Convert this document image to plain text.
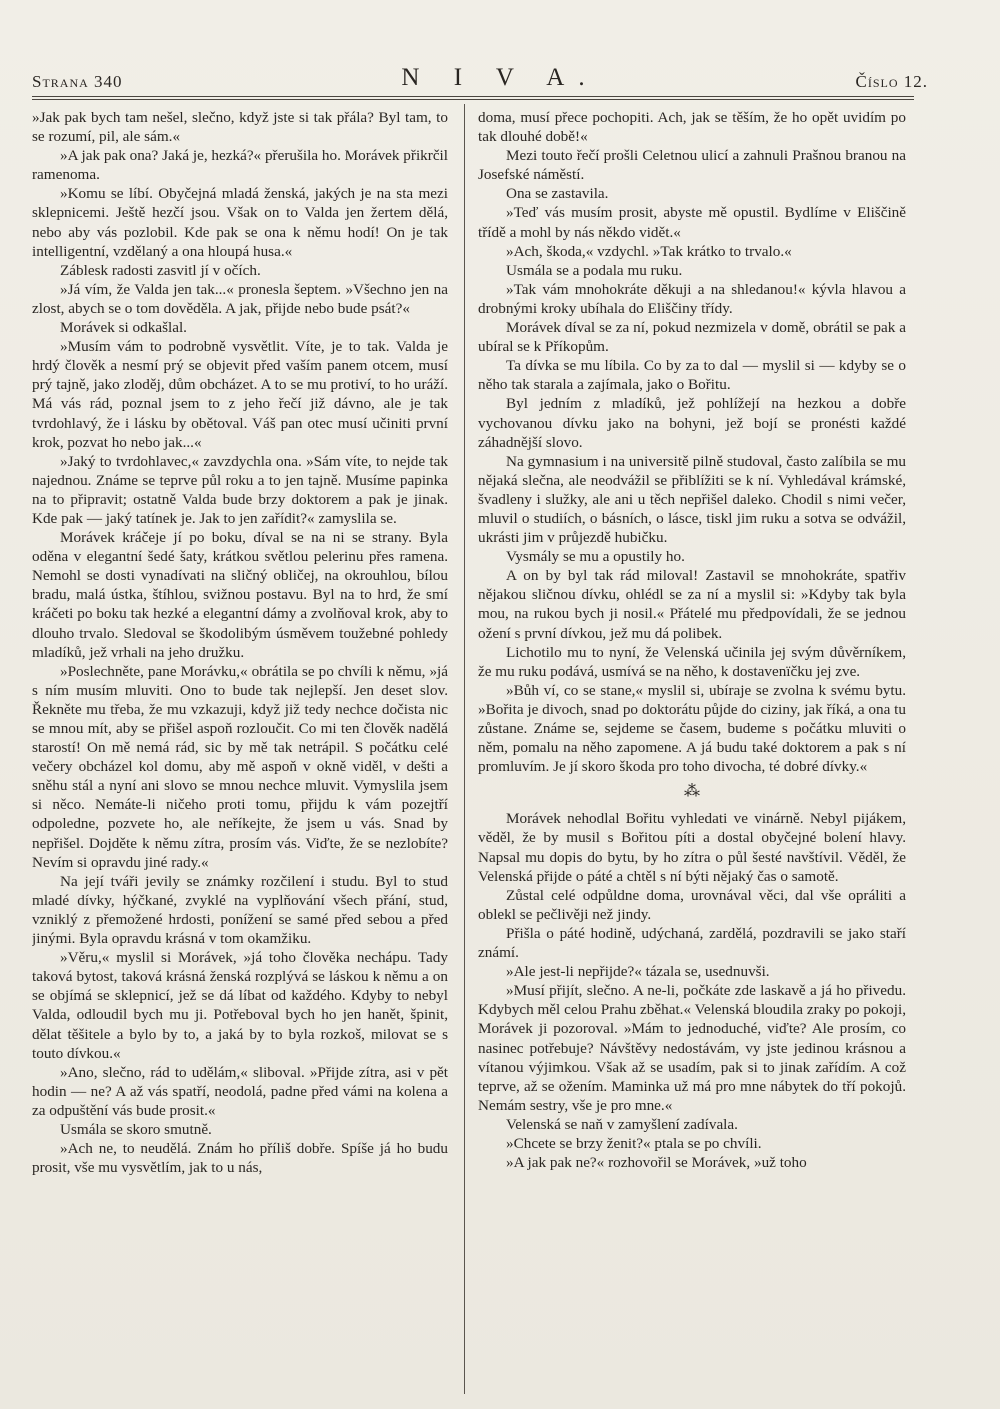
Strana 340	N I V A.	Číslo 12.

»Jak pak bych tam nešel, slečno, když jste si tak přála? Byl tam, to se rozumí, pil, ale sám.«

»A jak pak ona? Jaká je, hezká?« přerušila ho. Morávek přikrčil ramenoma.

»Komu se líbí. Obyčejná mladá ženská, jakých je na sta mezi sklepnicemi. Ještě hezčí jsou. Však on to Valda jen žertem dělá, nebo aby vás pozlobil. Kde pak se ona k němu hodí! On je tak intelligentní, vzdělaný a ona hloupá husa.«

Záblesk radosti zasvitl jí v očích.

»Já vím, že Valda jen tak...« pronesla šeptem. »Všechno jen na zlost, abych se o tom dověděla. A jak, přijde nebo bude psát?«

Morávek si odkašlal.

»Musím vám to podrobně vysvětlit. Víte, je to tak. Valda je hrdý člověk a nesmí prý se objevit před vaším panem otcem, musí prý tajně, jako zloděj, dům obcházet. A to se mu protiví, to ho uráží. Má vás rád, poznal jsem to z jeho řečí již dávno, ale je tak tvrdohlavý, že i lásku by obětoval. Váš pan otec musí učiniti první krok, pozvat ho nebo jak...«

»Jaký to tvrdohlavec,« zavzdychla ona. »Sám víte, to nejde tak najednou. Známe se teprve půl roku a to jen tajně. Musíme papinka na to připravit; ostatně Valda bude brzy doktorem a pak je jinak. Kde pak — jaký tatínek je. Jak to jen zařídit?« zamyslila se.

Morávek kráčeje jí po boku, díval se na ni se strany. Byla oděna v elegantní šedé šaty, krátkou světlou pelerinu přes ramena. Nemohl se dosti vynadívati na sličný obličej, na okrouhlou, bílou bradu, malá ústka, štíhlou, svižnou postavu. Byl na to hrd, že smí kráčeti po boku tak hezké a elegantní dámy a zvolňoval krok, aby to dlouho trvalo. Sledoval se škodolibým úsměvem toužebné pohledy mladíků, jež vrhali na jeho družku.

»Poslechněte, pane Morávku,« obrátila se po chvíli k němu, »já s ním musím mluviti. Ono to bude tak nejlepší. Jen deset slov. Řekněte mu třeba, že mu vzkazuji, když již tedy nechce dočista nic se mnou mít, aby se přišel aspoň rozloučit. Co mi ten člověk nadělá starostí! On mě nemá rád, sic by mě tak netrápil. S počátku celé večery obcházel kol domu, aby mě aspoň v okně viděl, v dešti a sněhu stál a nyní ani slovo se mnou nechce mluvit. Vymyslila jsem si něco. Nemáte-li ničeho proti tomu, přijdu k vám pozejtří odpoledne, pozvete ho, ale neříkejte, že jsem u vás. Snad by nepřišel. Dojděte k němu zítra, prosím vás. Viďte, že se nezlobíte? Nevím si opravdu jiné rady.«

Na její tváři jevily se známky rozčilení i studu. Byl to stud mladé dívky, hýčkané, zvyklé na vyplňování všech přání, stud, vzniklý z přemožené hrdosti, ponížení se samé před sebou a před jinými. Byla opravdu krásná v tom okamžiku.

»Věru,« myslil si Morávek, »já toho člověka nechápu. Tady taková bytost, taková krásná ženská rozplývá se láskou k němu a on se objímá se sklepnicí, jež se dá líbat od každého. Kdyby to nebyl Valda, odloudil bych mu ji. Potřeboval bych ho jen hanět, špinit, dělat těšitele a bylo by to, a jaká by to byla rozkoš, milovat se s touto dívkou.«

»Ano, slečno, rád to udělám,« sliboval. »Přijde zítra, asi v pět hodin — ne? A až vás spatří, neodolá, padne před vámi na kolena a za odpuštění vás bude prosit.«

Usmála se skoro smutně.

»Ach ne, to neudělá. Znám ho příliš dobře. Spíše já ho budu prosit, vše mu vysvětlím, jak to u nás,

doma, musí přece pochopiti. Ach, jak se těším, že ho opět uvidím po tak dlouhé době!«

Mezi touto řečí prošli Celetnou ulicí a zahnuli Prašnou branou na Josefské náměstí.

Ona se zastavila.

»Teď vás musím prosit, abyste mě opustil. Bydlíme v Eliščině třídě a mohl by nás někdo vidět.«

»Ach, škoda,« vzdychl. »Tak krátko to trvalo.«

Usmála se a podala mu ruku.

»Tak vám mnohokráte děkuji a na shledanou!« kývla hlavou a drobnými kroky ubíhala do Eliščiny třídy.

Morávek díval se za ní, pokud nezmizela v domě, obrátil se pak a ubíral se k Příkopům.

Ta dívka se mu líbila. Co by za to dal — myslil si — kdyby se o něho tak starala a zajímala, jako o Bořitu.

Byl jedním z mladíků, jež pohlížejí na hezkou a dobře vychovanou dívku jako na bohyni, jež bojí se pronésti každé záhadnější slovo.

Na gymnasium i na universitě pilně studoval, často zalíbila se mu nějaká slečna, ale neodvážil se přiblížiti se k ní. Vyhledával krámské, švadleny i služky, ale ani u těch nepřišel daleko. Chodil s nimi večer, mluvil o studiích, o básních, o lásce, tiskl jim ruku a sotva se odvážil, ukrásti jim v průjezdě hubičku.

Vysmály se mu a opustily ho.

A on by byl tak rád miloval! Zastavil se mnohokráte, spatřiv nějakou sličnou dívku, ohlédl se za ní a myslil si: »Kdyby tak byla mou, na rukou bych ji nosil.« Přátelé mu předpovídali, že se jednou ožení s první dívkou, jež mu dá polibek.

Lichotilo mu to nyní, že Velenská učinila jej svým důvěrníkem, že mu ruku podává, usmívá se na něho, k dostavenïčku jej zve.

»Bůh ví, co se stane,« myslil si, ubíraje se zvolna k svému bytu. »Bořita je divoch, snad po doktorátu půjde do ciziny, jak říká, a ona tu zůstane. Známe se, sejdeme se časem, budeme s počátku mluviti o něm, pomalu na něho zapomene. A já budu také doktorem a pak s ní promluvím. Je jí skoro škoda pro toho divocha, té dobré dívky.«

⁂

Morávek nehodlal Bořitu vyhledati ve vinárně. Nebyl pijákem, věděl, že by musil s Bořitou píti a dostal obyčejné bolení hlavy. Napsal mu dopis do bytu, by ho zítra o půl šesté navštívil. Věděl, že Velenská přijde o páté a chtěl s ní býti nějaký čas o samotě.

Zůstal celé odpůldne doma, urovnával věci, dal vše opráliti a oblekl se pečlivěji než jindy.

Přišla o páté hodině, udýchaná, zardělá, pozdravili se jako staří známí.

»Ale jest-li nepřijde?« tázala se, usednuvši.

»Musí přijít, slečno. A ne-li, počkáte zde laskavě a já ho přivedu. Kdybych měl celou Prahu zběhat.« Velenská bloudila zraky po pokoji, Morávek ji pozoroval. »Mám to jednoduché, viďte? Ale prosím, co nasinec potřebuje? Návštěvy nedostávám, vy jste jedinou krásnou a vítanou výjimkou. Však až se usadím, pak si to jinak zařídím. A což teprve, až se ožením. Maminka už má pro mne nábytek do tří pokojů. Nemám sestry, vše je pro mne.«

Velenská se naň v zamyšlení zadívala.

»Chcete se brzy ženit?« ptala se po chvíli.

»A jak pak ne?« rozhovořil se Morávek, »už toho
